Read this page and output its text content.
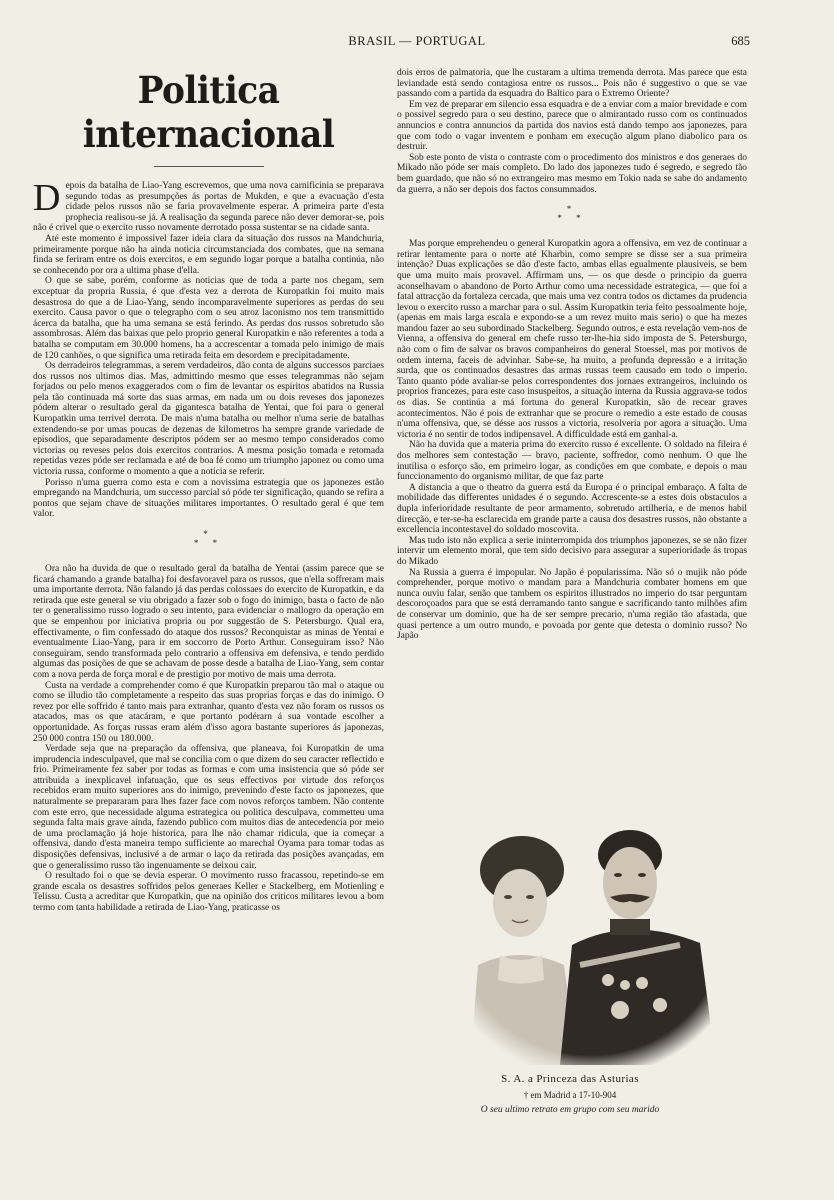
BRASIL — PORTUGAL	685
Politica internacional

Depois da batalha de Liao-Yang escrevemos, que uma nova carnificinia se preparava segundo todas as presumpções ás portas de Mukden, e que a evacuação d'esta cidade pelos russos não se faria provavelmente esperar. A primeira parte d'esta prophecia realisou-se já. A realisação da segunda parece não dever demorar-se, pois não é crivel que o exercito russo novamente derrotado possa sustentar se na cidade santa.

Até este momento é impossivel fazer ideia clara da situação dos russos na Mandchuria, primeiramente porque não ha ainda noticia circumstanciada dos combates, que na semana finda se feriram entre os dois exercitos, e em segundo logar porque a batalha continúa, não se conhecendo por ora a ultima phase d'ella.

O que se sabe, porém, conforme as noticias que de toda a parte nos chegam, sem exceptuar da propria Russia, é que d'esta vez a derrota de Kuropatkin foi muito mais desastrosa do que a de Liao-Yang, sendo incomparavelmente superiores as perdas do seu exercito. Causa pavor o que o telegrapho com o seu atroz laconismo nos tem transmittido ácerca da batalha, que ha uma semana se está ferindo. As perdas dos russos sobretudo são assombrosas. Além das baixas que pelo proprio general Kuropatkin e não referentes a toda a batalha se computam em 30.000 homens, ha a accrescentar a tomada pelo inimigo de mais de 120 canhões, o que significa uma retirada feita em desordem e precipitadamente.

Os derradeiros telegrammas, a serem verdadeiros, dão conta de alguns successos parciaes dos russos nos ultimos dias. Mas, admittindo mesmo que esses telegrammas não sejam forjados ou pelo menos exaggerados com o fim de levantar os espiritos abatidos na Russia pela tão continuada má sorte das suas armas, em nada um ou dois reveses dos japonezes pódem alterar o resultado geral da gigantesca batalha de Yentai, que foi para o general Kuropatkin uma terrivel derrota. De mais n'uma batalha ou melhor n'uma serie de batalhas extendendo-se por umas poucas de dezenas de kilometros ha sempre grande variedade de episodios, que separadamente descriptos pódem ser ao mesmo tempo considerados como victorias ou reveses pelos dois exercitos contrarios. A mesma posição tomada e retomada repetidas vezes póde ser reclamada e até de boa fé como um triumpho japonez ou como uma victoria russa, conforme o momento a que a noticia se referir.

Porisso n'uma guerra como esta e com a novissima estrategia que os japonezes estão empregando na Mandchuria, um successo parcial só póde ter significação, quando se refira a pontos que sejam chave de situações militares importantes. O resultado geral é que tem valor.

*
* *

Ora não ha duvida de que o resultado geral da batalha de Yentai (assim parece que se ficará chamando a grande batalha) foi desfavoravel para os russos, que n'ella soffreram mais uma importante derrota. Não falando já das perdas colossaes do exercito de Kuropatkin, e da retirada que este general se viu obrigado a fazer sob o fogo do inimigo, basta o facto de não ter o generalissimo russo logrado o seu intento, para evidenciar o mallogro da operação em que se empenhou por iniciativa propria ou por suggestão de S. Petersburgo. Qual era, effectivamente, o fim confessado do ataque dos russos? Reconquistar as minas de Yentai e eventualmente Liao-Yang, para ir em soccorro de Porto Arthur. Conseguiram isso? Não conseguiram, sendo transformada pelo contrario a offensiva em defensiva, e tendo perdido algumas das posições de que se achavam de posse desde a batalha de Liao-Yang, sem contar com a nova perda de força moral e de prestigio por motivo de mais uma derrota.

Custa na verdade a comprehender como é que Kuropatkin preparou tão mal o ataque ou como se illudio tão completamente a respeito das suas proprias forças e das do inimigo. O revez por elle soffrido é tanto mais para extranhar, quanto d'esta vez não foram os russos os atacados, mas os que atacáram, e que portanto podérarn á sua vontade escolher a opportunidade. As forças russas eram além d'isso agora bastante superiores ás japonezas, 250 000 contra 150 ou 180.000.

Verdade seja que na preparação da offensiva, que planeava, foi Kuropatkin de uma imprudencia indesculpavel, que mal se concilia com o que dizem do seu caracter reflectido e frio. Primeiramente fez saber por todas as formas e com uma insistencia que só póde ser attribuida a inexplicavel infatuação, que os seus effectivos por virtude dos reforços recebidos eram muito superiores aos do inimigo, prevenindo d'este facto os japonezes, que naturalmente se prepararam para lhes fazer face com novos reforços tambem. Não contente com este erro, que necessidade alguma estrategica ou politica desculpava, commetteu uma segunda falta mais grave ainda, fazendo publico com muitos dias de antecedencia por meio de uma proclamação já hoje historica, para lhe não chamar ridicula, que ia começar a offensiva, dando d'esta maneira tempo sufficiente ao marechal Oyama para tomar todas as disposições defensivas, inclusivé a de armar o laço da retirada das posições avançadas, em que o generalissimo russo tão ingenuamente se deixou cair.

O resultado foi o que se devia esperar. O movimento russo fracassou, repetindo-se em grande escala os desastres soffridos pelos generaes Keller e Stackelberg, em Motienling e Telissu. Custa a acreditar que Kuropatkin, que na opinião dos criticos militares levou a bom termo com tanta habilidade a retirada de Liao-Yang, praticasse os

dois erros de palmatoria, que lhe custaram a ultima tremenda derrota. Mas parece que esta leviandade está sendo contagiosa entre os russos... Pois não é suggestivo o que se vae passando com a partida da esquadra do Baltico para o Extremo Oriente?

Em vez de preparar em silencio essa esquadra e de a enviar com a maior brevidade e com o possivel segredo para o seu destino, parece que o almirantado russo com os continuados annuncios e contra annuncios da partida dos navios está dando tempo aos japonezes, para que com todo o vagar inventem e ponham em execução algum plano diabolico para os destruir.

Sob este ponto de vista o contraste com o procedimento dos ministros e dos generaes do Mikado não póde ser mais completo. Do lado dos japonezes tudo é segredo, e segredo tão bem guardado, que não só no extrangeiro mas mesmo em Tokio nada se sabe do andamento da guerra, a não ser depois dos factos consummados.

*
* *

Mas porque emprehendeu o general Kuropatkin agora a offensiva, em vez de continuar a retirar lentamente para o norte até Kharbin, como sempre se disse ser a sua primeira intenção? Duas explicações se dão d'este facto, ambas ellas egualmente plausiveis, se bem que uma muito mais provavel. Affirmam uns, — os que desde o principio da guerra aconselhavam o abandono de Porto Arthur como uma necessidade estrategica, — que foi a fatal attracção da fortaleza cercada, que mais uma vez contra todos os dictames da prudencia levou o exercito russo a marchar para o sul. Assim Kuropatkin teria feito pessoalmente hoje, (apenas em mais larga escala e expondo-se a um revez muito mais serio) o que ha mezes mandou fazer ao seu subordinado Stackelberg. Segundo outros, e esta revelação vem-nos de Vienna, a offensiva do general em chefe russo ter-lhe-hia sido imposta de S. Petersburgo, não com o fim de salvar os bravos companheiros do general Stoessel, mas por motivos de ordem interna, faceis de advinhar. Sabe-se, ha muito, a profunda depressão e a irritação surda, que os continuados desastres das armas russas teem causado em todo o imperio. Tanto quanto póde avaliar-se pelos correspondentes dos jornaes extrangeiros, incluindo os proprios francezes, para este caso insuspeitos, a situação interna da Russia aggrava-se todos os dias. Se continúa a má fortuna do general Kuropatkin, são de recear graves acontecimentos. Não é pois de extranhar que se procure o remedio a este estado de cousas n'uma offensiva, que, se désse aos russos a victoria, resolveria por agora a situação. Uma victoria é no sentir de todos indipensavel. A difficuldade está em ganhal-a.

Não ha duvida que a materia prima do exercito russo é excellente. O soldado na fileira é dos melhores sem contestação — bravo, paciente, soffredor, como nenhum. O que lhe inutilisa o esforço são, em primeiro logar, as condições em que combate, e depois o mau funccionamento do organismo militar, de que faz parte

A distancia a que o theatro da guerra está da Europa é o principal embaraço. A falta de mobilidade das differentes unidades é o segundo. Accrescente-se a estes dois obstaculos a dupla inferioridade resultante de peor armamento, sobretudo artilheria, e de menos habil direcção, e ter-se-ha esclarecida em grande parte a causa dos desastres russos, não obstante a excellencia incontestavel do soldado moscovita.

Mas tudo isto não explica a serie ininterrompida dos triumphos japonezes, se se não fizer intervir um elemento moral, que tem sido decisivo para assegurar a superioridade ás tropas do Mikado

Na Russia a guerra é impopular. No Japão é popularissima. Não só o mujik não póde comprehender, porque motivo o mandam para a Mandchuria combater homens em que nunca ouviu falar, senão que tambem os espiritos illustrados no imperio do tsar perguntam descoroçoados para que se está derramando tanto sangue e sacrificando tanto milhões afim de conservar um dominio, que ha de ser sempre precario, n'uma região tão afastada, que quasi pertence a um outro mundo, e povoada por gente que detesta o dominio russo? No Japão

S. A. a Princeza das Asturias
† em Madrid a 17-10-904
O seu ultimo retrato em grupo com seu marido
